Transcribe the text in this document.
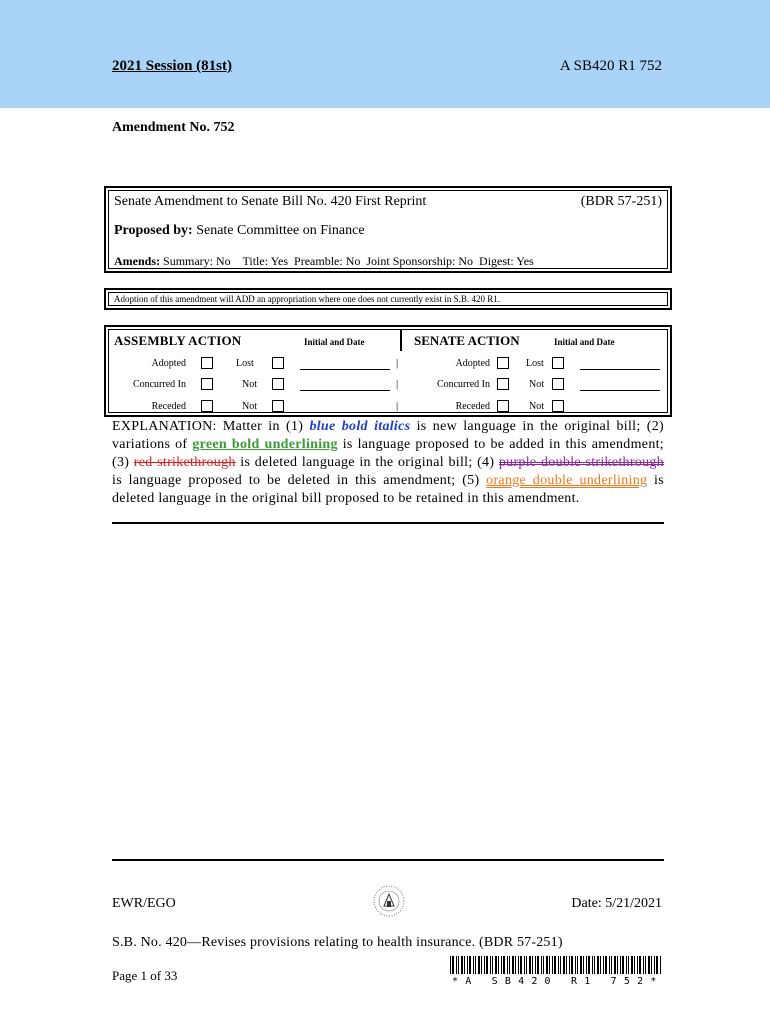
2021 Session (81st)	A SB420 R1 752
Amendment No. 752
Senate Amendment to Senate Bill No. 420 First Reprint	(BDR 57-251)
Proposed by: Senate Committee on Finance
Amends: Summary: No    Title: Yes  Preamble: No  Joint Sponsorship: No  Digest: Yes
Adoption of this amendment will ADD an appropriation where one does not currently exist in S.B. 420 R1.
ASSEMBLY ACTION	Initial and Date	SENATE ACTION	Initial and Date
Adopted	Lost	|	Adopted	Lost
Concurred In	Not	|	Concurred In	Not
Receded	Not	|	Receded	Not
EXPLANATION: Matter in (1) blue bold italics is new language in the original bill; (2) variations of green bold underlining is language proposed to be added in this amendment; (3) red strikethrough is deleted language in the original bill; (4) purple double strikethrough is language proposed to be deleted in this amendment; (5) orange double underlining is deleted language in the original bill proposed to be retained in this amendment.
EWR/EGO	Date: 5/21/2021
S.B. No. 420—Revises provisions relating to health insurance. (BDR 57-251)
Page 1 of 33	*A SB420 R1 752*
